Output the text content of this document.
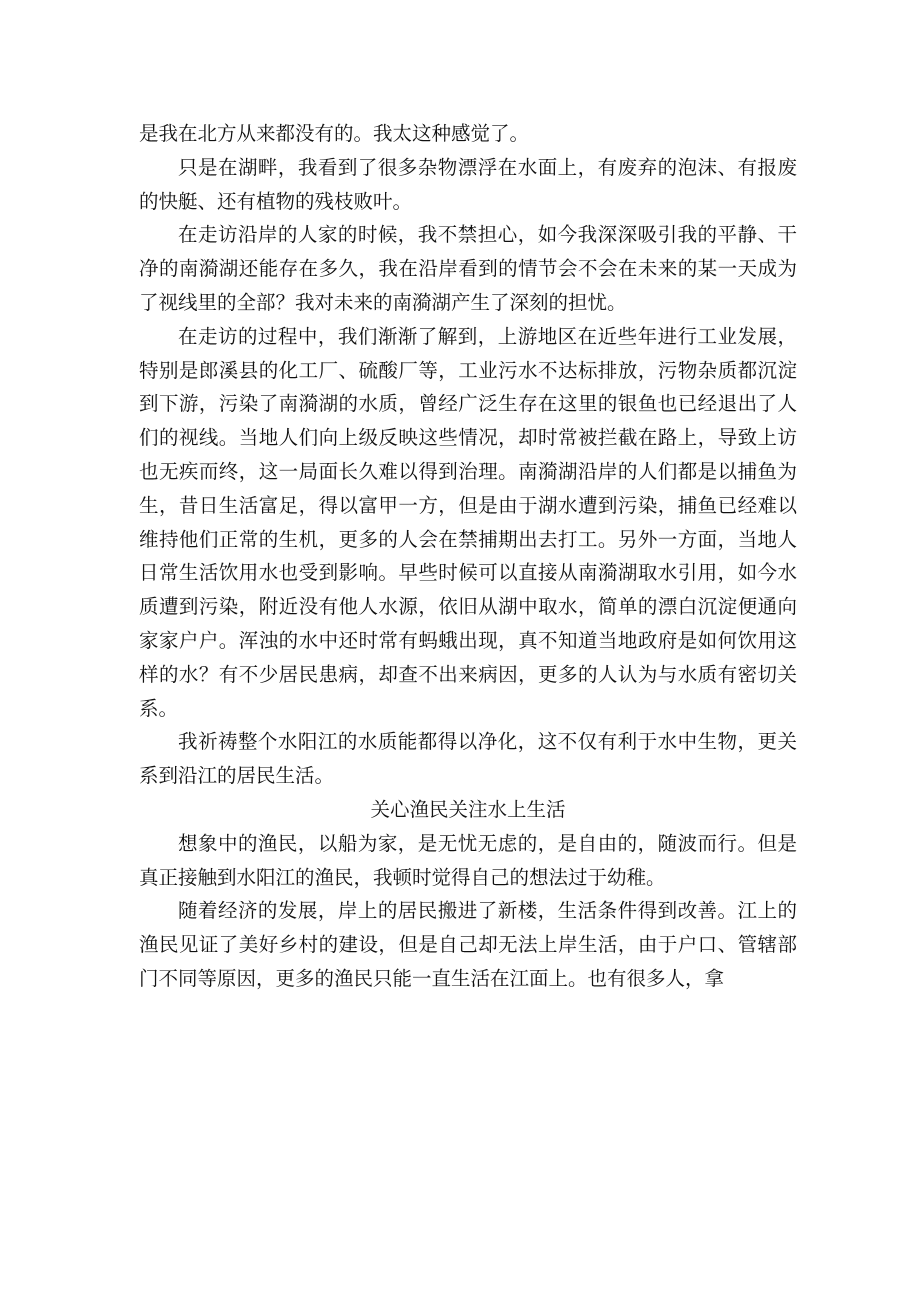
是我在北方从来都没有的。我太这种感觉了。

只是在湖畔，我看到了很多杂物漂浮在水面上，有废弃的泡沫、有报废的快艇、还有植物的残枝败叶。

在走访沿岸的人家的时候，我不禁担心，如今我深深吸引我的平静、干净的南漪湖还能存在多久，我在沿岸看到的情节会不会在未来的某一天成为了视线里的全部？我对未来的南漪湖产生了深刻的担忧。

在走访的过程中，我们渐渐了解到，上游地区在近些年进行工业发展，特别是郎溪县的化工厂、硫酸厂等，工业污水不达标排放，污物杂质都沉淀到下游，污染了南漪湖的水质，曾经广泛生存在这里的银鱼也已经退出了人们的视线。当地人们向上级反映这些情况，却时常被拦截在路上，导致上访也无疾而终，这一局面长久难以得到治理。南漪湖沿岸的人们都是以捕鱼为生，昔日生活富足，得以富甲一方，但是由于湖水遭到污染，捕鱼已经难以维持他们正常的生机，更多的人会在禁捕期出去打工。另外一方面，当地人日常生活饮用水也受到影响。早些时候可以直接从南漪湖取水引用，如今水质遭到污染，附近没有他人水源，依旧从湖中取水，简单的漂白沉淀便通向家家户户。浑浊的水中还时常有蚂蛾出现，真不知道当地政府是如何饮用这样的水？有不少居民患病，却查不出来病因，更多的人认为与水质有密切关系。

我祈祷整个水阳江的水质能都得以净化，这不仅有利于水中生物，更关系到沿江的居民生活。

关心渔民关注水上生活

想象中的渔民，以船为家，是无忧无虑的，是自由的，随波而行。但是真正接触到水阳江的渔民，我顿时觉得自己的想法过于幼稚。

随着经济的发展，岸上的居民搬进了新楼，生活条件得到改善。江上的渔民见证了美好乡村的建设，但是自己却无法上岸生活，由于户口、管辖部门不同等原因，更多的渔民只能一直生活在江面上。也有很多人，拿
